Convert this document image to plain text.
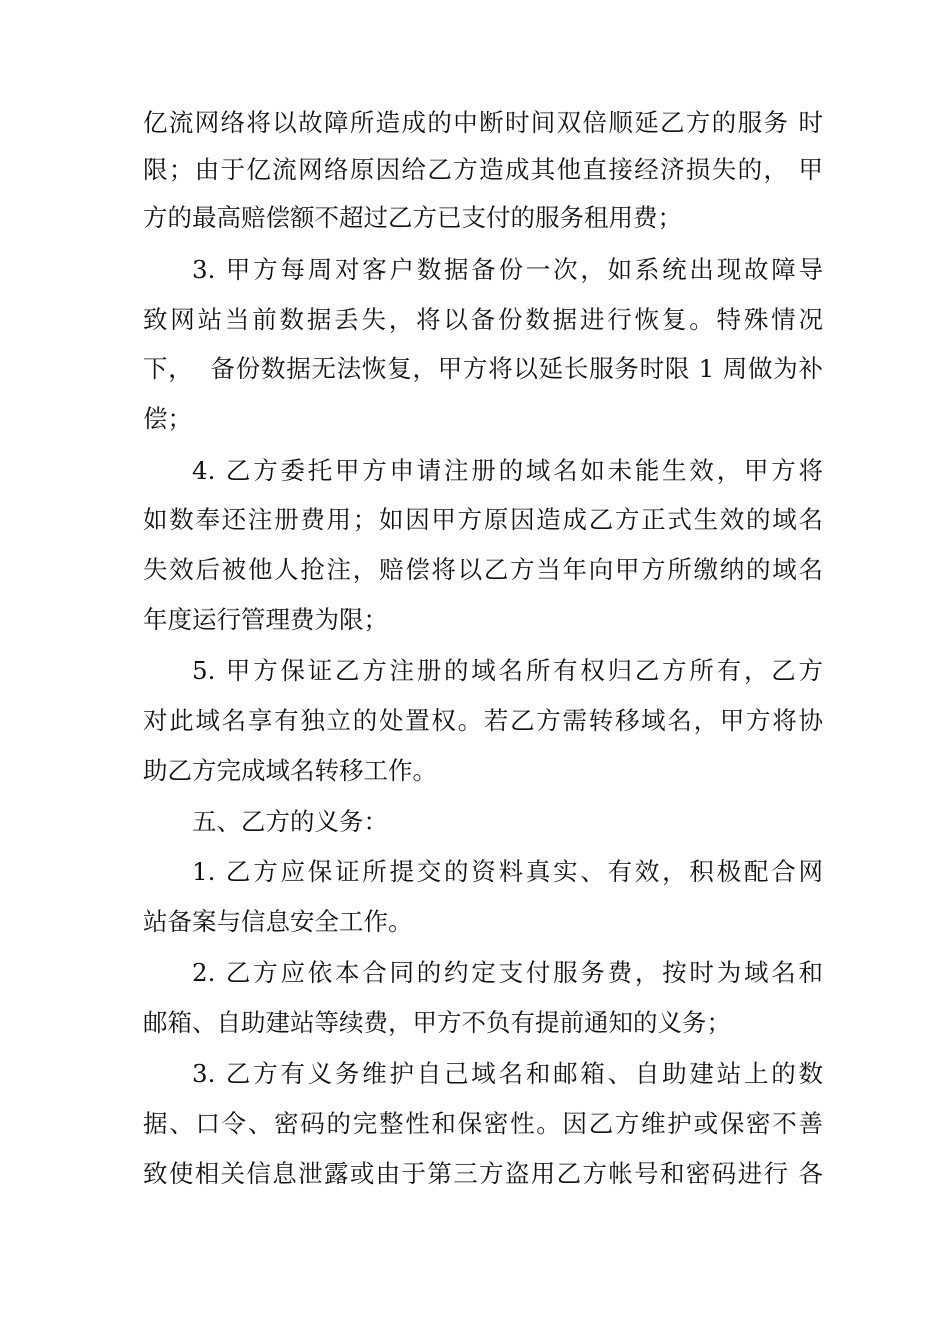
亿流网络将以故障所造成的中断时间双倍顺延乙方的服务 时
限；由于亿流网络原因给乙方造成其他直接经济损失的， 甲
方的最高赔偿额不超过乙方已支付的服务租用费；
3. 甲方每周对客户数据备份一次，如系统出现故障导
致网站当前数据丢失，将以备份数据进行恢复。特殊情况
下，  备份数据无法恢复，甲方将以延长服务时限 1 周做为补
偿；
4. 乙方委托甲方申请注册的域名如未能生效，甲方将
如数奉还注册费用；如因甲方原因造成乙方正式生效的域名
失效后被他人抢注，赔偿将以乙方当年向甲方所缴纳的域名
年度运行管理费为限；
5. 甲方保证乙方注册的域名所有权归乙方所有，乙方
对此域名享有独立的处置权。若乙方需转移域名，甲方将协
助乙方完成域名转移工作。
五、乙方的义务：
1. 乙方应保证所提交的资料真实、有效，积极配合网
站备案与信息安全工作。
2. 乙方应依本合同的约定支付服务费，按时为域名和
邮箱、自助建站等续费，甲方不负有提前通知的义务；
3. 乙方有义务维护自己域名和邮箱、自助建站上的数
据、口令、密码的完整性和保密性。因乙方维护或保密不善
致使相关信息泄露或由于第三方盗用乙方帐号和密码进行 各
